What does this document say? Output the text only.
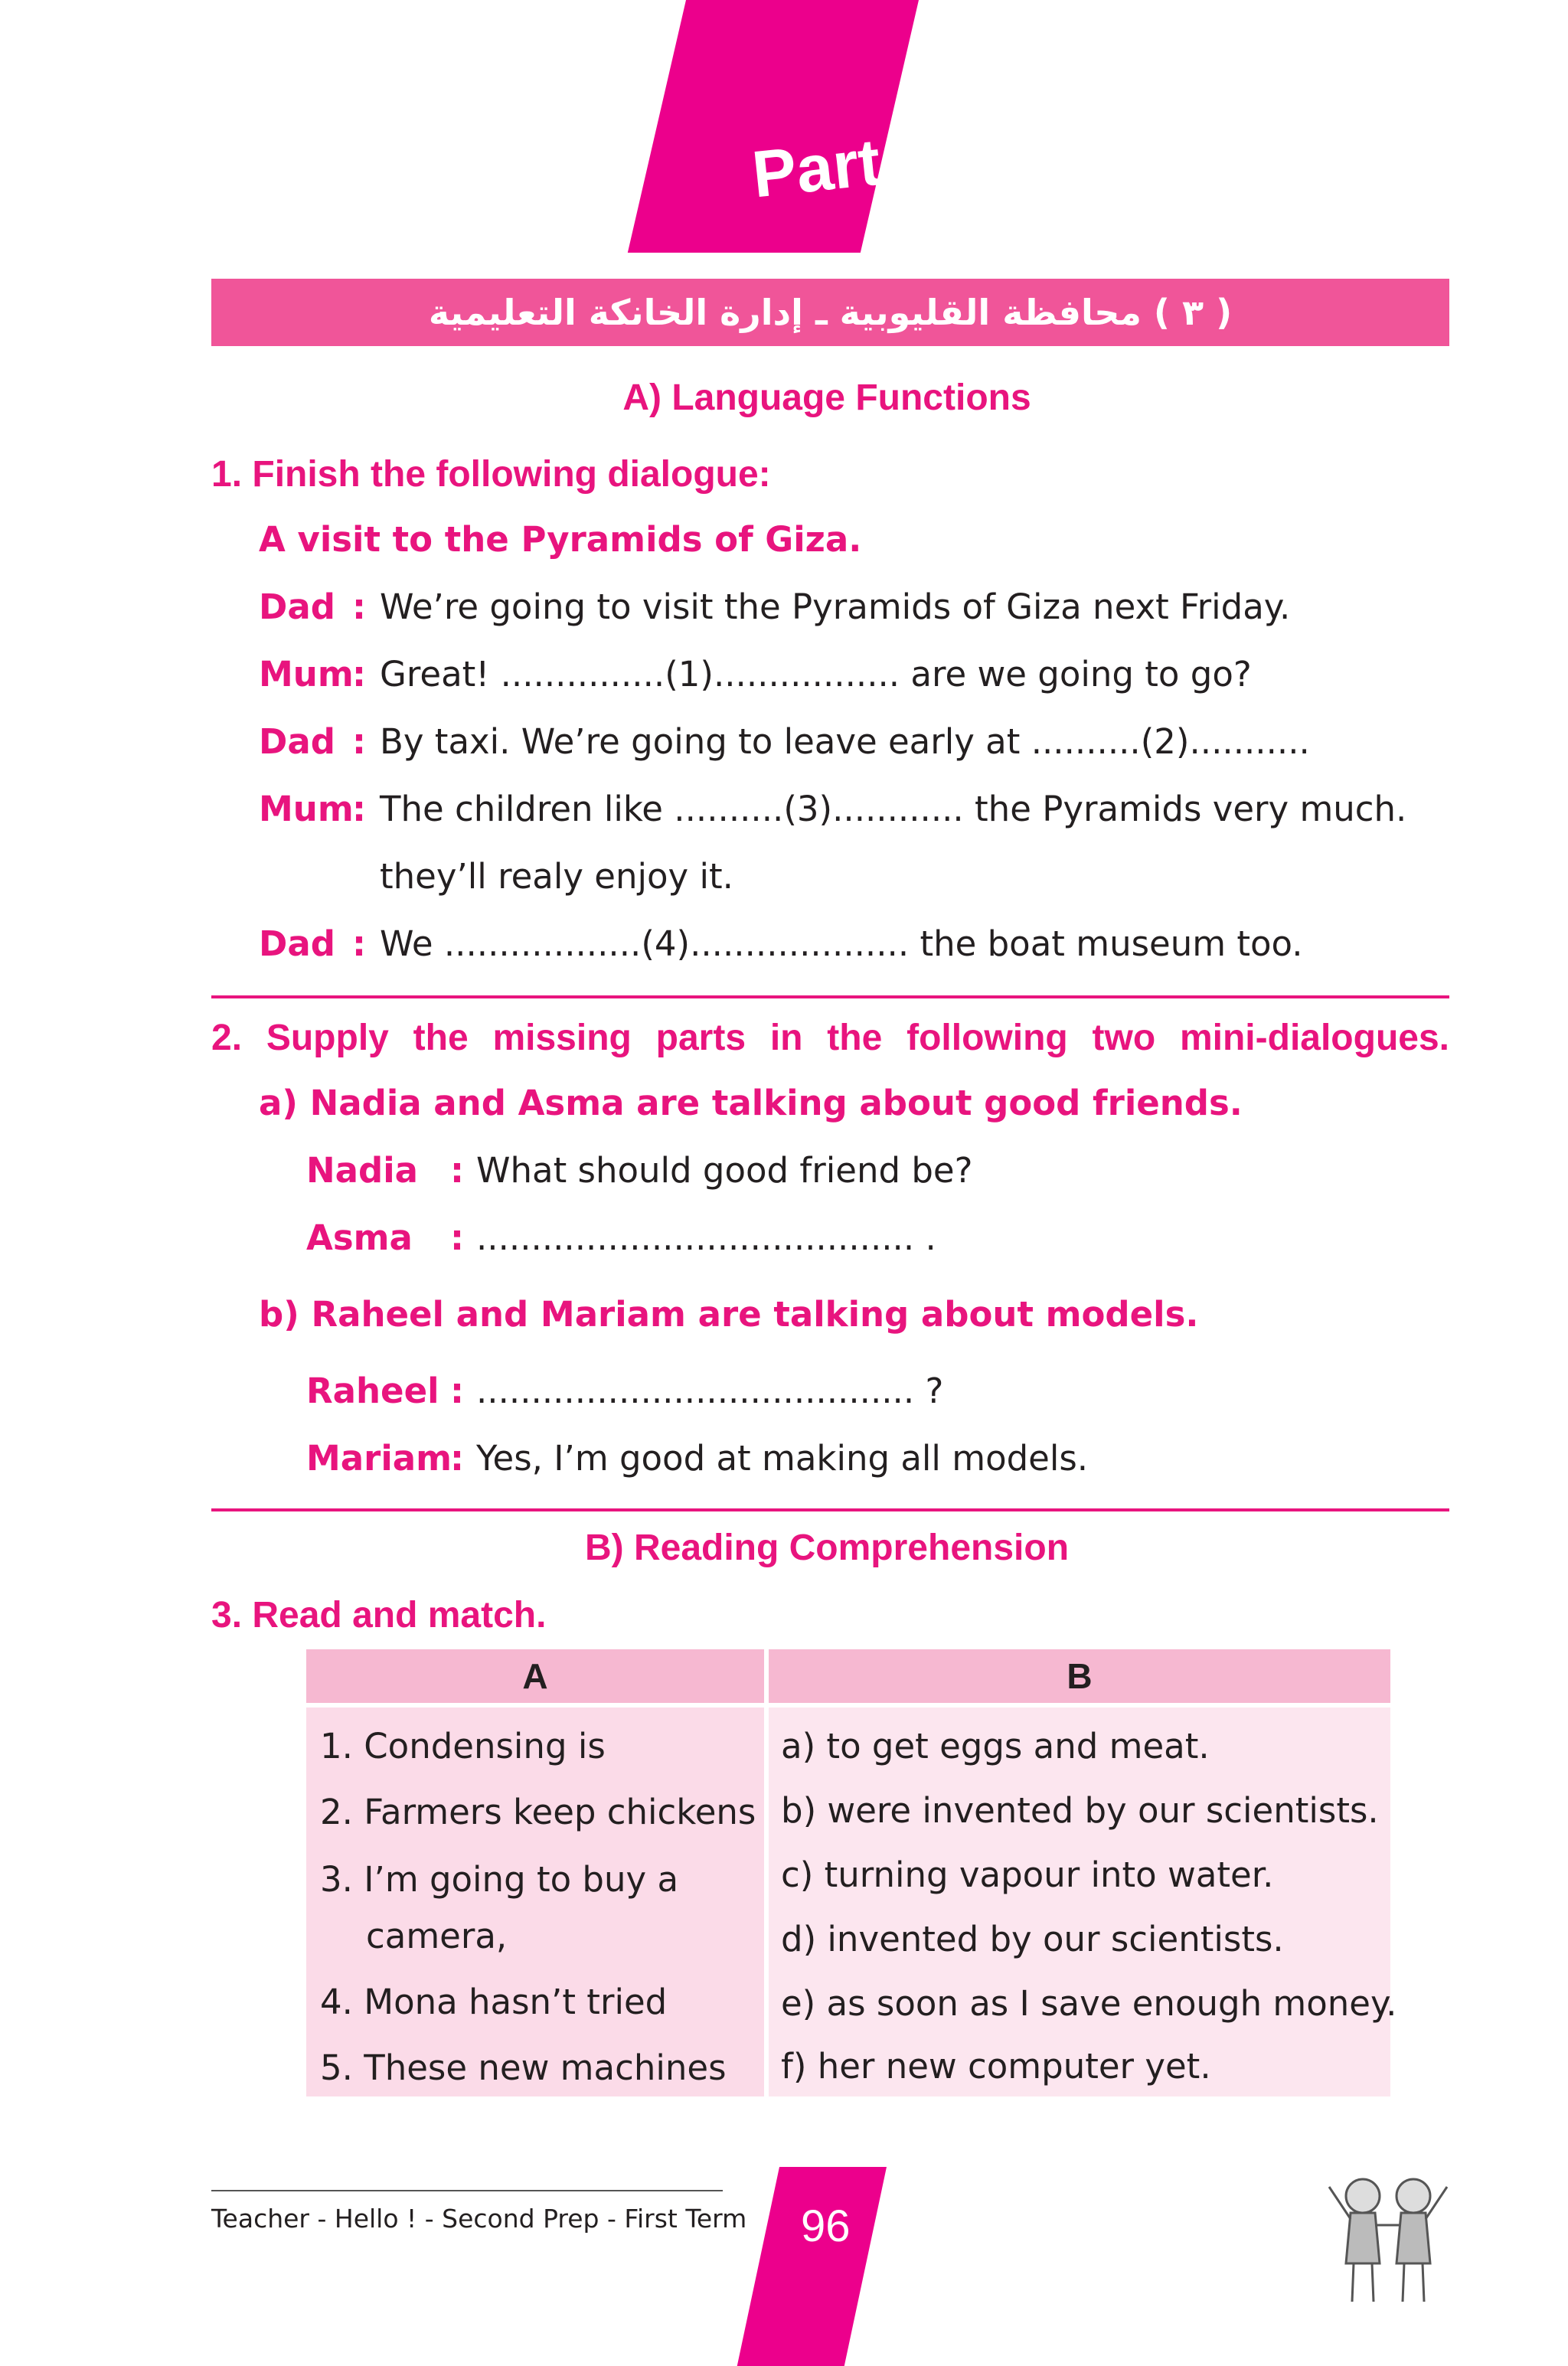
Part 3
( ٣ ) محافظة القليوبية ـ إدارة الخانكة التعليمية
A) Language Functions
1. Finish the following dialogue:
A visit to the Pyramids of Giza.
Dad : We’re going to visit the Pyramids of Giza next Friday.
Mum
: Great! ...............(1)................. are we going to go?
Dad : By taxi. We’re going to leave early at ..........(2)...........
Mum
: The children like ..........(3)............ the Pyramids very much.
they’ll realy enjoy it.
Dad : We ..................(4).................... the boat museum too.
2. Supply the missing parts in the following two mini-dialogues.
a) Nadia and Asma are talking about good friends.
Nadia : What should good friend be?
Asma : ........................................ .
b) Raheel and Mariam are talking about models.
Raheel : ........................................ ?
Mariam
: Yes, I’m good at making all models.
B) Reading Comprehension
3. Read and match.
A	B
1. Condensing is
2. Farmers keep chickens
3. I’m going to buy a
camera,
4. Mona hasn’t tried
5. These new machines
a) to get eggs and meat.
b) were invented by our scientists.
c) turning vapour into water.
d) invented by our scientists.
e) as soon as I save enough money.
f) her new computer yet.
Teacher - Hello ! - Second Prep - First Term 96
